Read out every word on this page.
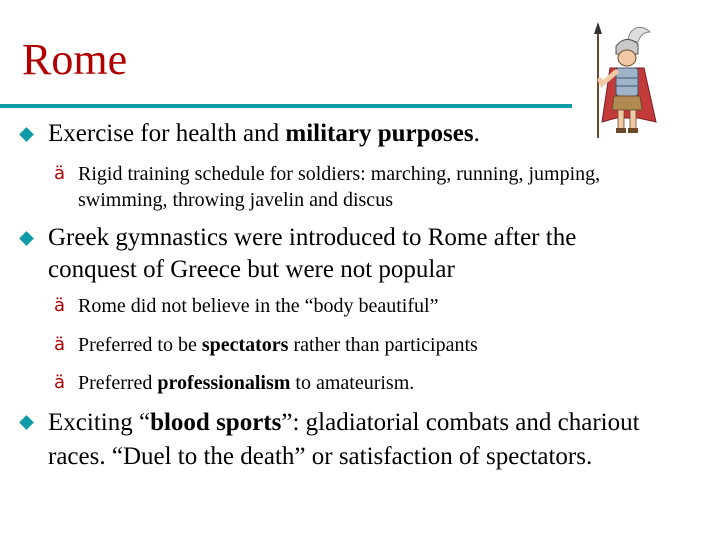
Rome
Exercise for health and military purposes.
ä Rigid training schedule for soldiers: marching, running, jumping, swimming, throwing javelin and discus
Greek gymnastics were introduced to Rome after the conquest of Greece but were not popular
ä Rome did not believe in the “body beautiful”
ä Preferred to be spectators rather than participants
ä Preferred professionalism to amateurism.
Exciting “blood sports”: gladiatorial combats and chariout races. “Duel to the death” or satisfaction of spectators.
